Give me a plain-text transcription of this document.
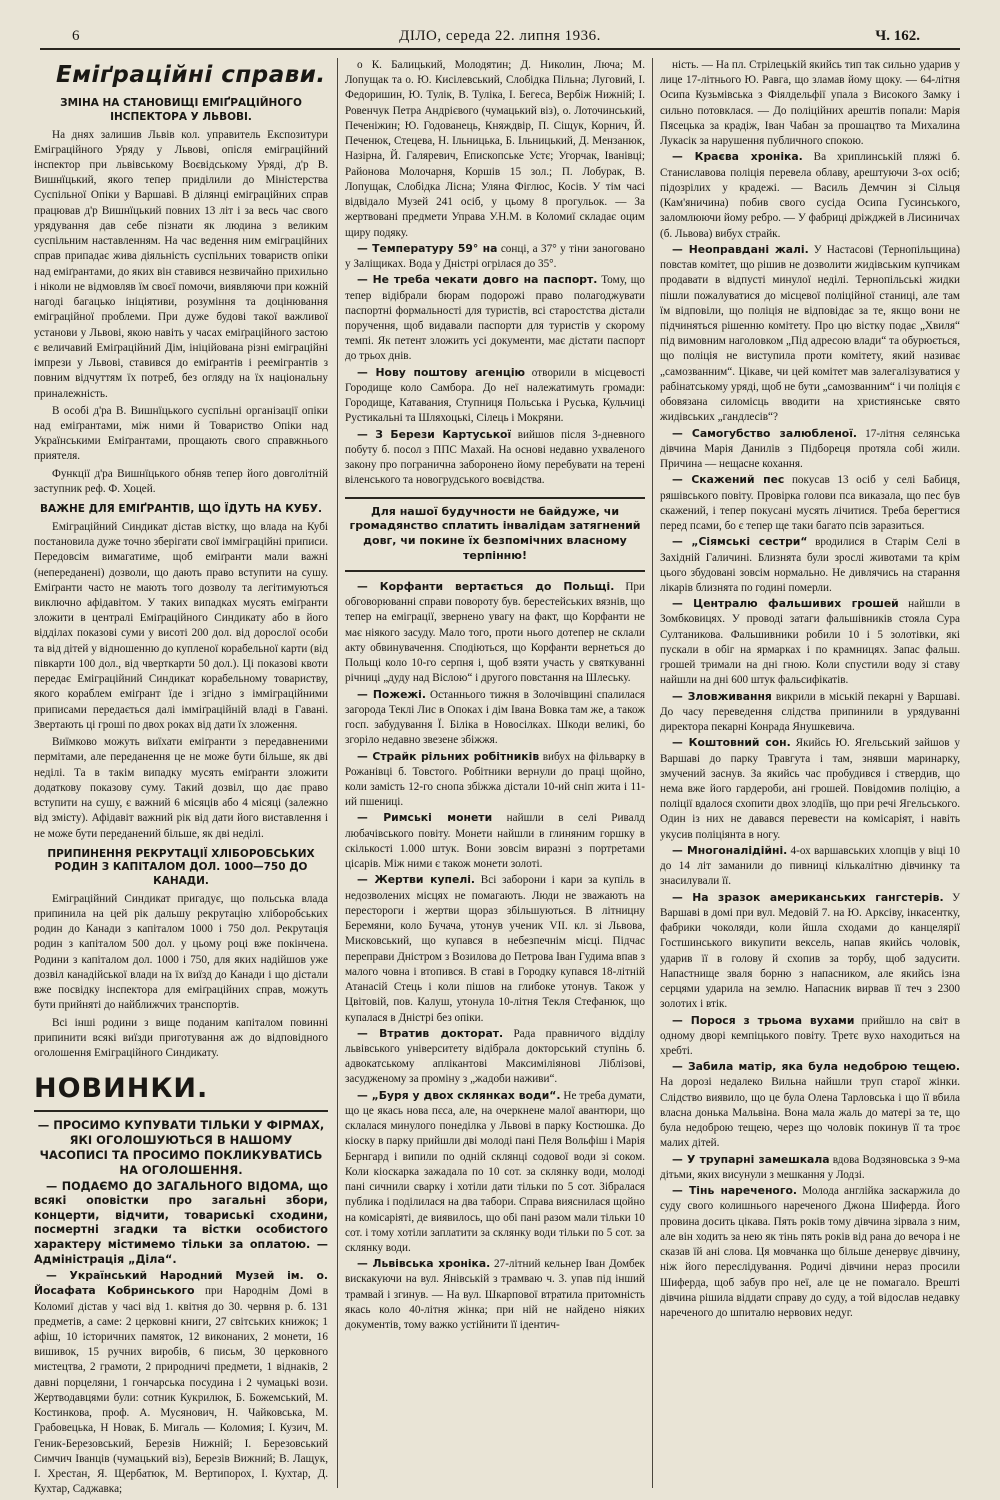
6	ДІЛО, середа 22. липня 1936.	Ч. 162.
Еміґраційні справи.
ЗМІНА НА СТАНОВИЩІ ЕМІҐРАЦІЙНОГО ІНСПЕКТОРА У ЛЬВОВІ.

На днях залишив Львів кол. управитель Експозитури Еміграційного Уряду у Львові, опісля еміграційний інспектор при львівському Воєвідському Уряді, д'р В. Вишнїцький, якого тепер приділили до Міністерства Суспільної Опіки у Варшаві. В ділянці еміграційних справ працював д'р Вишнїцький повних 13 літ і за весь час свого урядування дав себе пізнати як людина з великим суспільним наставленням. На час ведення ним еміграційних справ припадає жива діяльність суспільних товариств опіки над еміґрантами, до яких він ставився незвичайно прихильно і ніколи не відмовляв їм своєї помочи, виявляючи при кожній нагоді багацько ініціятиви, розуміння та доцінювання еміграційної проблеми. При дуже будові такої важливої установи у Львові, якою навіть у часах еміґраційного застою є величавий Еміґраційний Дім, ініційована різні еміграційні імпрези у Львові, ставився до еміґрантів і реемігрантів з повним відчуттям їх потреб, без огляду на їх національну приналежність.

В особі д'ра В. Вишнїцького суспільні організації опіки над еміґрантами, між ними й Товариство Опіки над Українськими Еміґрантами, прощають свого справжнього приятеля.

Функції д'ра Вишнїцького обняв тепер його довголітній заступник реф. Ф. Хоцей.

ВАЖНЕ ДЛЯ ЕМІҐРАНТІВ, ЩО ЇДУТЬ НА КУБУ.

Еміграційний Синдикат дістав вістку, що влада на Кубі постановила дуже точно зберігати свої імміграційні приписи. Передовсім вимагатиме, щоб еміґранти мали важні (непереданені) дозволи, що дають право вступити на сушу. Еміґранти часто не мають того дозволу та легітимуються виключно афідавітом. У таких випадках мусять еміґранти зложити в централі Еміґраційного Синдикату або в його відділах показові суми у висоті 200 дол. від дорослої особи та від дітей у відношенню до купленої корабельної карти (від півкарти 100 дол., від чверткарти 50 дол.). Ці показові квоти передає Еміграційний Синдикат корабельному товариству, якого кораблем еміґрант їде і згідно з імміграційними приписами передається далі імміґраційній владі в Гавані. Звертають ці гроші по двох роках від дати їх зложення.

Виїмково можуть виїхати еміґранти з передавненими пермітами, але переданення це не може бути більше, як дві неділі. Та в такім випадку мусять еміґранти зложити додаткову показову суму. Такий дозвіл, що дає право вступити на сушу, є важний 6 місяців або 4 місяці (залежно від змісту). Афідавіт важний рік від дати його виставлення і не може бути переданений більше, як дві неділі.

ПРИПИНЕННЯ РЕКРУТАЦІЇ ХЛІБОРОБСЬКИХ РОДИН З КАПІТАЛОМ ДОЛ. 1000—750 ДО КАНАДИ.

Еміграційний Синдикат пригадує, що польська влада припинила на цей рік дальшу рекрутацію хліборобських родин до Канади з капіталом 1000 і 750 дол. Рекрутація родин з капіталом 500 дол. у цьому році вже покінчена. Родини з капіталом дол. 1000 і 750, для яких надійшов уже дозвіл канадійської влади на їх виїзд до Канади і що дістали вже посвідку інспектора для еміґраційних справ, можуть бути прийняті до найближчих транспортів.

Всі інші родини з вище поданим капіталом повинні припинити всякі виїзди приготування аж до відповідного оголошення Еміграційного Синдикату.

НОВИНКИ.

— ПРОСИМО КУПУВАТИ ТІЛЬКИ У ФІРМАХ, ЯКІ ОГОЛОШУЮТЬСЯ В НАШОМУ ЧАСОПИСІ ТА ПРОСИМО ПОКЛИКУВАТИСЬ НА ОГОЛОШЕННЯ.

— ПОДАЄМО ДО ЗАГАЛЬНОГО ВІДОМА, що всякі оповістки про загальні збори, концерти, відчити, товариські сходини, посмертні згадки та вістки особистого характеру містимемо тільки за оплатою. — Адміністрація „Діла“.

— Український Народний Музей ім. о. Йосафата Кобринського при Народнім Домі в Коломиї дістав у часі від 1. квітня до 30. червня р. б. 131 предметів, а саме: 2 церковні книги, 27 світських книжок; 1 афіш, 10 історичних памяток, 12 виконаних, 2 монети, 16 вишивок, 15 ручних виробів, 6 письм, 30 церковного мистецтва, 2 грамоти, 2 природничі предмети, 1 віднаків, 2 давні порцеляни, 1 гончарська посудина і 2 чумацькі вози. Жертводавцями були: сотник Кукрилюк, Б. Божемський, М. Костинкова, проф. А. Мусянович, Н. Чайковська, М. Грабовецька, Н Новак, Б. Мигаль — Коломия; І. Кузич, М. Геник-Березовський, Березів Нижній; І. Березовський Симчич Іванців (чумацький віз), Березів Вижний; В. Лащук, І. Хрестан, Я. Щербатюк, М. Вертипорох, І. Кухтар, Д. Кухтар, Саджавка;

о К. Балицький, Молодятин; Д. Николин, Люча; М. Лопущак та о. Ю. Кисілевський, Слобідка Пільна; Луговий, І. Федоришин, Ю. Тулік, В. Туліка, І. Бегеса, Вербіж Нижній; І. Ровенчук Петра Андрієвого (чумацький віз), о. Лоточинський, Печеніжин; Ю. Годованець, Княждвір, П. Сіщук, Корнич, Й. Печенюк, Стецева, Н. Ільницька, Б. Ільницький, Д. Мензанюк, Назірна, Й. Галяревич, Епископське Устє; Угорчак, Іванівці; Районова Молочарня, Коршів 15 зол.; П. Лобурак, В. Лопущак, Слобідка Лісна; Уляна Фіглюс, Косів. У тім часі відвідало Музей 241 осіб, у цьому 8 прогульок. — За жертвовані предмети Управа У.Н.М. в Коломиї складає оцим щиру подяку.

— Температуру 59° на сонці, а 37° у тіни заноговано у Заліщиках. Вода у Дністрі огрілася до 35°.

— Не треба чекати довго на паспорт. Тому, що тепер відібрали бюрам подорожі право полагоджувати паспортні формальності для туристів, всі старостства дістали поручення, щоб видавали паспорти для туристів у скорому темпі. Як петент зложить усі документи, має дістати паспорт до трьох днів.

— Нову поштову агенцію отворили в місцевості Городище коло Самбора. До неї належатимуть громади: Городище, Катавания, Ступниця Польська і Руська, Кульчиці Рустикальні та Шляхоцькі, Сілець і Мокряни.

— З Берези Картуської вийшов після 3-дневного побуту б. посол з ППС Махай. На основі недавно ухваленого закону про погранична заборонено йому перебувати на терені віленського та новогрудського воєвідства.

Для нашої будучности не байдуже, чи громадянство сплатить інвалідам затягнений довг, чи покине їх безпомічних власному терпінню!

— Корфанти вертається до Польщі. При обговорюванні справи повороту був. берестейських вязнів, що тепер на еміграції, звернено увагу на факт, що Корфанти не має ніякого засуду. Мало того, проти нього дотепер не склали акту обвинувачення. Сподіються, що Корфанти вернеться до Польщі коло 10-го серпня і, щоб взяти участь у святкуванні річниці „дуду над Віслою“ і другого повстання на Шлеську.

— Пожежі. Останнього тижня в Золочівщині спалилася загорода Теклі Лис в Опоках і дім Івана Вовка там же, а також госп. забудування Ї. Біліка в Новосілках. Шкоди великі, бо згоріло недавно звезене збіжжя.

— Страйк рільних робітників вибух на фільварку в Рожанівці б. Товстого. Робітники вернули до праці щойно, коли замість 12-го снопа збіжжа дістали 10-ий сніп жита і 11-ий пшениці.

— Римські монети найшли в селі Ривалд любачівського повіту. Монети найшли в глиняним горшку в скількості 1.000 штук. Вони зовсім виразні з портретами цісарів. Між ними є також монети золоті.

— Жертви купелі. Всі заборони і кари за купіль в недозволених місцях не помагають. Люди не зважають на перестороги і жертви щораз збільшуються. В літницну Беремяни, коло Бучача, утонув ученик VII. кл. зі Львова, Мисковський, що купався в небезпечнім місці. Підчас переправи Дністром з Возилова до Петрова Іван Гудима впав з малого човна і втопився. В ставі в Городку купався 18-літній Атанасій Стець і коли пішов на глибоке утонув. Також у Цвітовій, пов. Калуш, утонула 10-літня Текля Стефанюк, що купалася в Дністрі без опіки.

— Втратив докторат. Рада правничого відділу львівського університету відібрала докторський ступінь б. адвокатському аплікантові Максиміліянові Ліблізові, засудженому за проміну з „жадоби наживи“.

— „Буря у двох склянках води“. Не треба думати, що це якась нова пєса, але, на очеркнене малої авантюри, що склалася минулого понеділка у Львові в парку Костюшка. До кіоску в парку прийшли дві молоді пані Пеля Вольфіш і Марія Бернгард і випили по одній склянці содової води зі соком. Коли кіоскарка зажадала по 10 сот. за склянку води, молоді пані сичнили сварку і хотіли дати тільки по 5 сот. Зібралася публика і поділилася на два табори. Справа вияснилася щойно на комісаріяті, де виявилось, що обі пані разом мали тільки 10 сот. і тому хотіли заплатити за склянку води тільки по 5 сот. за склянку води.

— Львівська хроніка. 27-літний кельнер Іван Домбек вискакуючи на вул. Янівській з трамваю ч. 3. упав під інший трамвай і згинув. — На вул. Шкарпової втратила притомність якась коло 40-літня жінка; при ній не найдено ніяких документів, тому важко устійнити її ідентич-

ність. — На пл. Стрілецькій якийсь тип так сильно ударив у лице 17-літнього Ю. Равга, що зламав йому щоку. — 64-літня Осипа Кузьмівська з Фіялдельфії упала з Високого Замку і сильно потовклася. — До поліційних арештів попали: Марія Пясецька за крадіж, Іван Чабан за прошацтво та Михалина Лукасік за нарушення публичного спокою.

— Краєва хроніка. Ва хриплинській пляжі б. Станиславова поліція перевела облаву, арештуючи 3-ох осіб; підозрілих у крадежі. — Василь Демчин зі Сільця (Кам'яничина) побив свого сусіда Осипа Гусинського, заломлюючи йому ребро. — У фабриці дріжджей в Лисиничах (б. Львова) вибух страйк.

— Неоправдані жалі. У Настасові (Тернопільщина) повстав комітет, що рішив не дозволити жидівським купчикам продавати в відпусті минулої неділі. Тернопільські жидки пішли пожалуватися до місцевої поліційної станиці, але там їм відповіли, що поліція не відповідає за те, якщо вони не підчиняться рішенню комітету. Про цю вістку подає „Хвиля“ під вимовним наголовком „Під адресою влади“ та обурюється, що поліція не виступила проти комітету, який називає „самозванним“. Цікаве, чи цей комітет мав залегалізуватися у рабінатському уряді, щоб не бути „самозванним“ і чи поліція є обовязана силомісць вводити на християнське свято жидівських „гандлесів“?

— Самогубство залюбленої. 17-літня селянська дівчина Марія Данилів з Підбореця протяла собі жили. Причина — нещасне кохання.

— Скажений пес покусав 13 осіб у селі Бабиця, ряшівського повіту. Провірка голови пса виказала, що пес був скажений, і тепер покусані мусять лічитися. Треба берегтися перед псами, бо є тепер ще таки багато псів заразиться.

— „Сіямські сестри“ вродилися в Старім Селі в Західній Галичині. Близнята були зрослі животами та крім цього збудовані зовсім нормально. Не дивлячись на старання лікарів близнята по годині померли.

— Централю фальшивих грошей найшли в Зомбковицях. У проводі затаги фальшівників стояла Сура Султаникова. Фальшивники робили 10 і 5 золотівки, які пускали в обіг на ярмарках і по крамницях. Запас фальш. грошей тримали на дні гною. Коли спустили воду зі ставу найшли на дні 600 штук фальсифікатів.

— Зловживання викрили в міській пекарні у Варшаві. До часу переведення слідства припинили в урядуванні директора пекарні Конрада Янушкевича.

— Коштовний сон. Якийсь Ю. Ягельський зайшов у Варшаві до парку Травгута і там, знявши маринарку, змучений заснув. За якийсь час пробудився і ствердив, що нема вже його гардероби, ані грошей. Повідомив поліцію, а поліції вдалося схопити двох злодіїв, що при речі Ягельського. Один із них не давався перевести на комісаріят, і навіть укусив поліціянта в ногу.

— Многоналідійні. 4-ох варшавських хлопців у віці 10 до 14 літ заманили до пивниці кількалітню дівчинку та знасилували її.

— На зразок американських гангстерів. У Варшаві в домі при вул. Медовій 7. на Ю. Арксіву, інкасентку, фабрики чоколяди, коли йшла сходами до канцелярії Гостшинського викупити вексель, напав якийсь чоловік, ударив її в голову й схопив за торбу, щоб задусити. Напастнище зваля борню з напасником, але якийсь ізна серцями ударила на землю. Напасник вирвав її теч з 2300 золотих і втік.

— Порося з трьома вухами прийшло на світ в одному дворі кемпіцького повіту. Третє вухо находиться на хребті.

— Забила матір, яка була недоброю тещею. На дорозі недалеко Вильна найшли труп старої жінки. Слідство виявило, що це була Олена Тарловська і що її вбила власна донька Мальвіна. Вона мала жаль до матері за те, що була недоброю тещею, через що чоловік покинув її та троє малих дітей.

— У трупарні замешкала вдова Водзяновська з 9-ма дітьми, яких висунули з мешкання у Лодзі.

— Тінь нареченого. Молода англійка заскаржила до суду свого колишнього нареченого Джона Шиферда. Його провина досить цікава. Пять років тому дівчина зірвала з ним, але він ходить за нею як тінь пять років від рана до вечора і не сказав їй ані слова. Ця мовчанка що більше денервує дівчину, ніж його переслідування. Родичі дівчини нераз просили Шиферда, щоб забув про неї, але це не помагало. Врешті дівчина рішила віддати справу до суду, а той відослав недавку нареченого до шпиталю нервових недуг.
